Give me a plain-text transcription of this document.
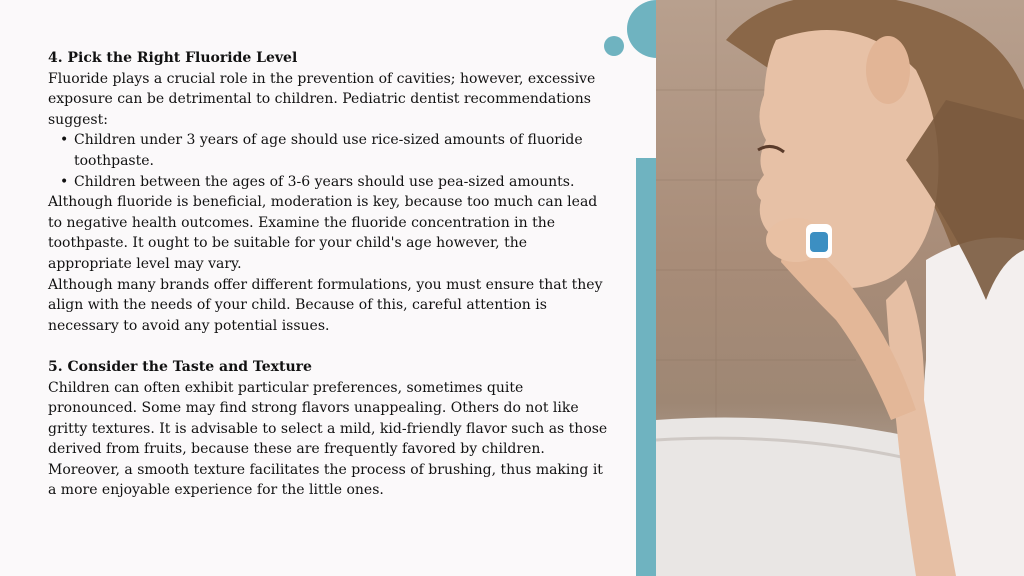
4. Pick the Right Fluoride Level

Fluoride plays a crucial role in the prevention of cavities; however, excessive exposure can be detrimental to children. Pediatric dentist recommendations suggest:

• Children under 3 years of age should use rice-sized amounts of fluoride toothpaste.
• Children between the ages of 3-6 years should use pea-sized amounts.

Although fluoride is beneficial, moderation is key, because too much can lead to negative health outcomes. Examine the fluoride concentration in the toothpaste. It ought to be suitable for your child's age however, the appropriate level may vary.

Although many brands offer different formulations, you must ensure that they align with the needs of your child. Because of this, careful attention is necessary to avoid any potential issues.

5. Consider the Taste and Texture

Children can often exhibit particular preferences, sometimes quite pronounced. Some may find strong flavors unappealing. Others do not like gritty textures. It is advisable to select a mild, kid-friendly flavor such as those derived from fruits, because these are frequently favored by children. Moreover, a smooth texture facilitates the process of brushing, thus making it a more enjoyable experience for the little ones.
